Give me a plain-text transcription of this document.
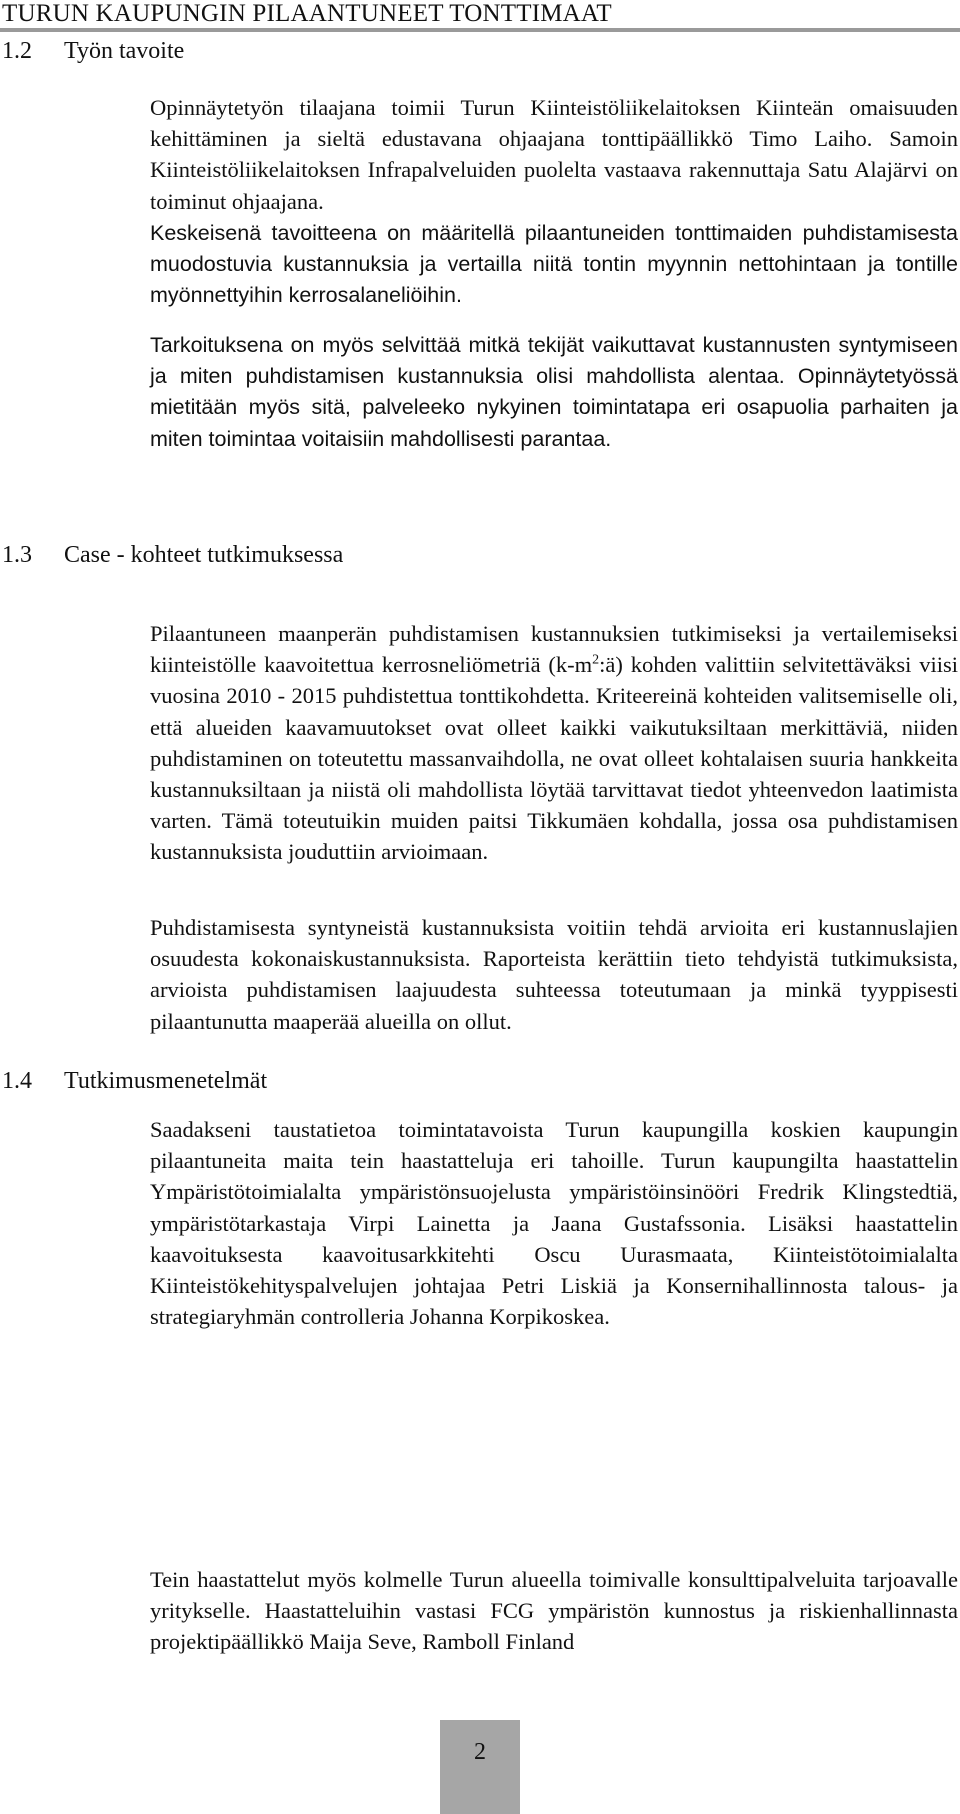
TURUN KAUPUNGIN PILAANTUNEET TONTTIMAAT
1.2 Työn tavoite

Opinnäytetyön tilaajana toimii Turun Kiinteistöliikelaitoksen Kiinteän omaisuuden kehittäminen ja sieltä edustavana ohjaajana tonttipäällikkö Timo Laiho. Samoin Kiinteistöliikelaitoksen Infrapalveluiden puolelta vastaava rakennuttaja Satu Alajärvi on toiminut ohjaajana.

Keskeisenä tavoitteena on määritellä pilaantuneiden tonttimaiden puhdistamisesta muodostuvia kustannuksia ja vertailla niitä tontin myynnin nettohintaan ja tontille myönnettyihin kerrosalaneliöihin.

Tarkoituksena on myös selvittää mitkä tekijät vaikuttavat kustannusten syntymiseen ja miten puhdistamisen kustannuksia olisi mahdollista alentaa. Opinnäytetyössä mietitään myös sitä, palveleeko nykyinen toimintatapa eri osapuolia parhaiten ja miten toimintaa voitaisiin mahdollisesti parantaa.

1.3 Case - kohteet tutkimuksessa

Pilaantuneen maanperän puhdistamisen kustannuksien tutkimiseksi ja vertailemiseksi kiinteistölle kaavoitettua kerrosneliömetriä $(k-m^2:ä)$ kohden valittiin selvitettäväksi viisi vuosina 2010 - 2015 puhdistettua tonttikohdetta. Kriteereinä kohteiden valitsemiselle oli, että alueiden kaavamuutokset ovat olleet kaikki vaikutuksiltaan merkittäviä, niiden puhdistaminen on toteutettu massanvaihdolla, ne ovat olleet kohtalaisen suuria hankkeita kustannuksiltaan ja niistä oli mahdollista löytää tarvittavat tiedot yhteenvedon laatimista varten. Tämä toteutuikin muiden paitsi Tikkumäen kohdalla, jossa osa puhdistamisen kustannuksista jouduttiin arvioimaan.

Puhdistamisesta syntyneistä kustannuksista voitiin tehdä arvioita eri kustannuslajien osuudesta kokonaiskustannuksista. Raporteista kerättiin tieto tehdyistä tutkimuksista, arvioista puhdistamisen laajuudesta suhteessa toteutumaan ja minkä tyyppisesti pilaantunutta maaperää alueilla on ollut.

1.4 Tutkimusmenetelmät

Saadakseni taustatietoa toimintatavoista Turun kaupungilla koskien kaupungin pilaantuneita maita tein haastatteluja eri tahoille. Turun kaupungilta haastattelin Ympäristötoimialalta ympäristönsuojelusta ympäristöinsinööri Fredrik Klingstedtiä, ympäristötarkastaja Virpi Lainetta ja Jaana Gustafssonia. Lisäksi haastattelin kaavoituksesta kaavoitusarkkitehti Oscu Uurasmaata, Kiinteistötoimialalta Kiinteistökehityspalvelujen johtajaa Petri Liskiä ja Konsernihallinnosta talous- ja strategiaryhmän controlleria Johanna Korpikoskea.

Tein haastattelut myös kolmelle Turun alueella toimivalle konsulttipalveluita tarjoavalle yritykselle. Haastatteluihin vastasi FCG ympäristön kunnostus ja riskienhallinnasta projektipäällikkö Maija Seve, Ramboll Finland

2
